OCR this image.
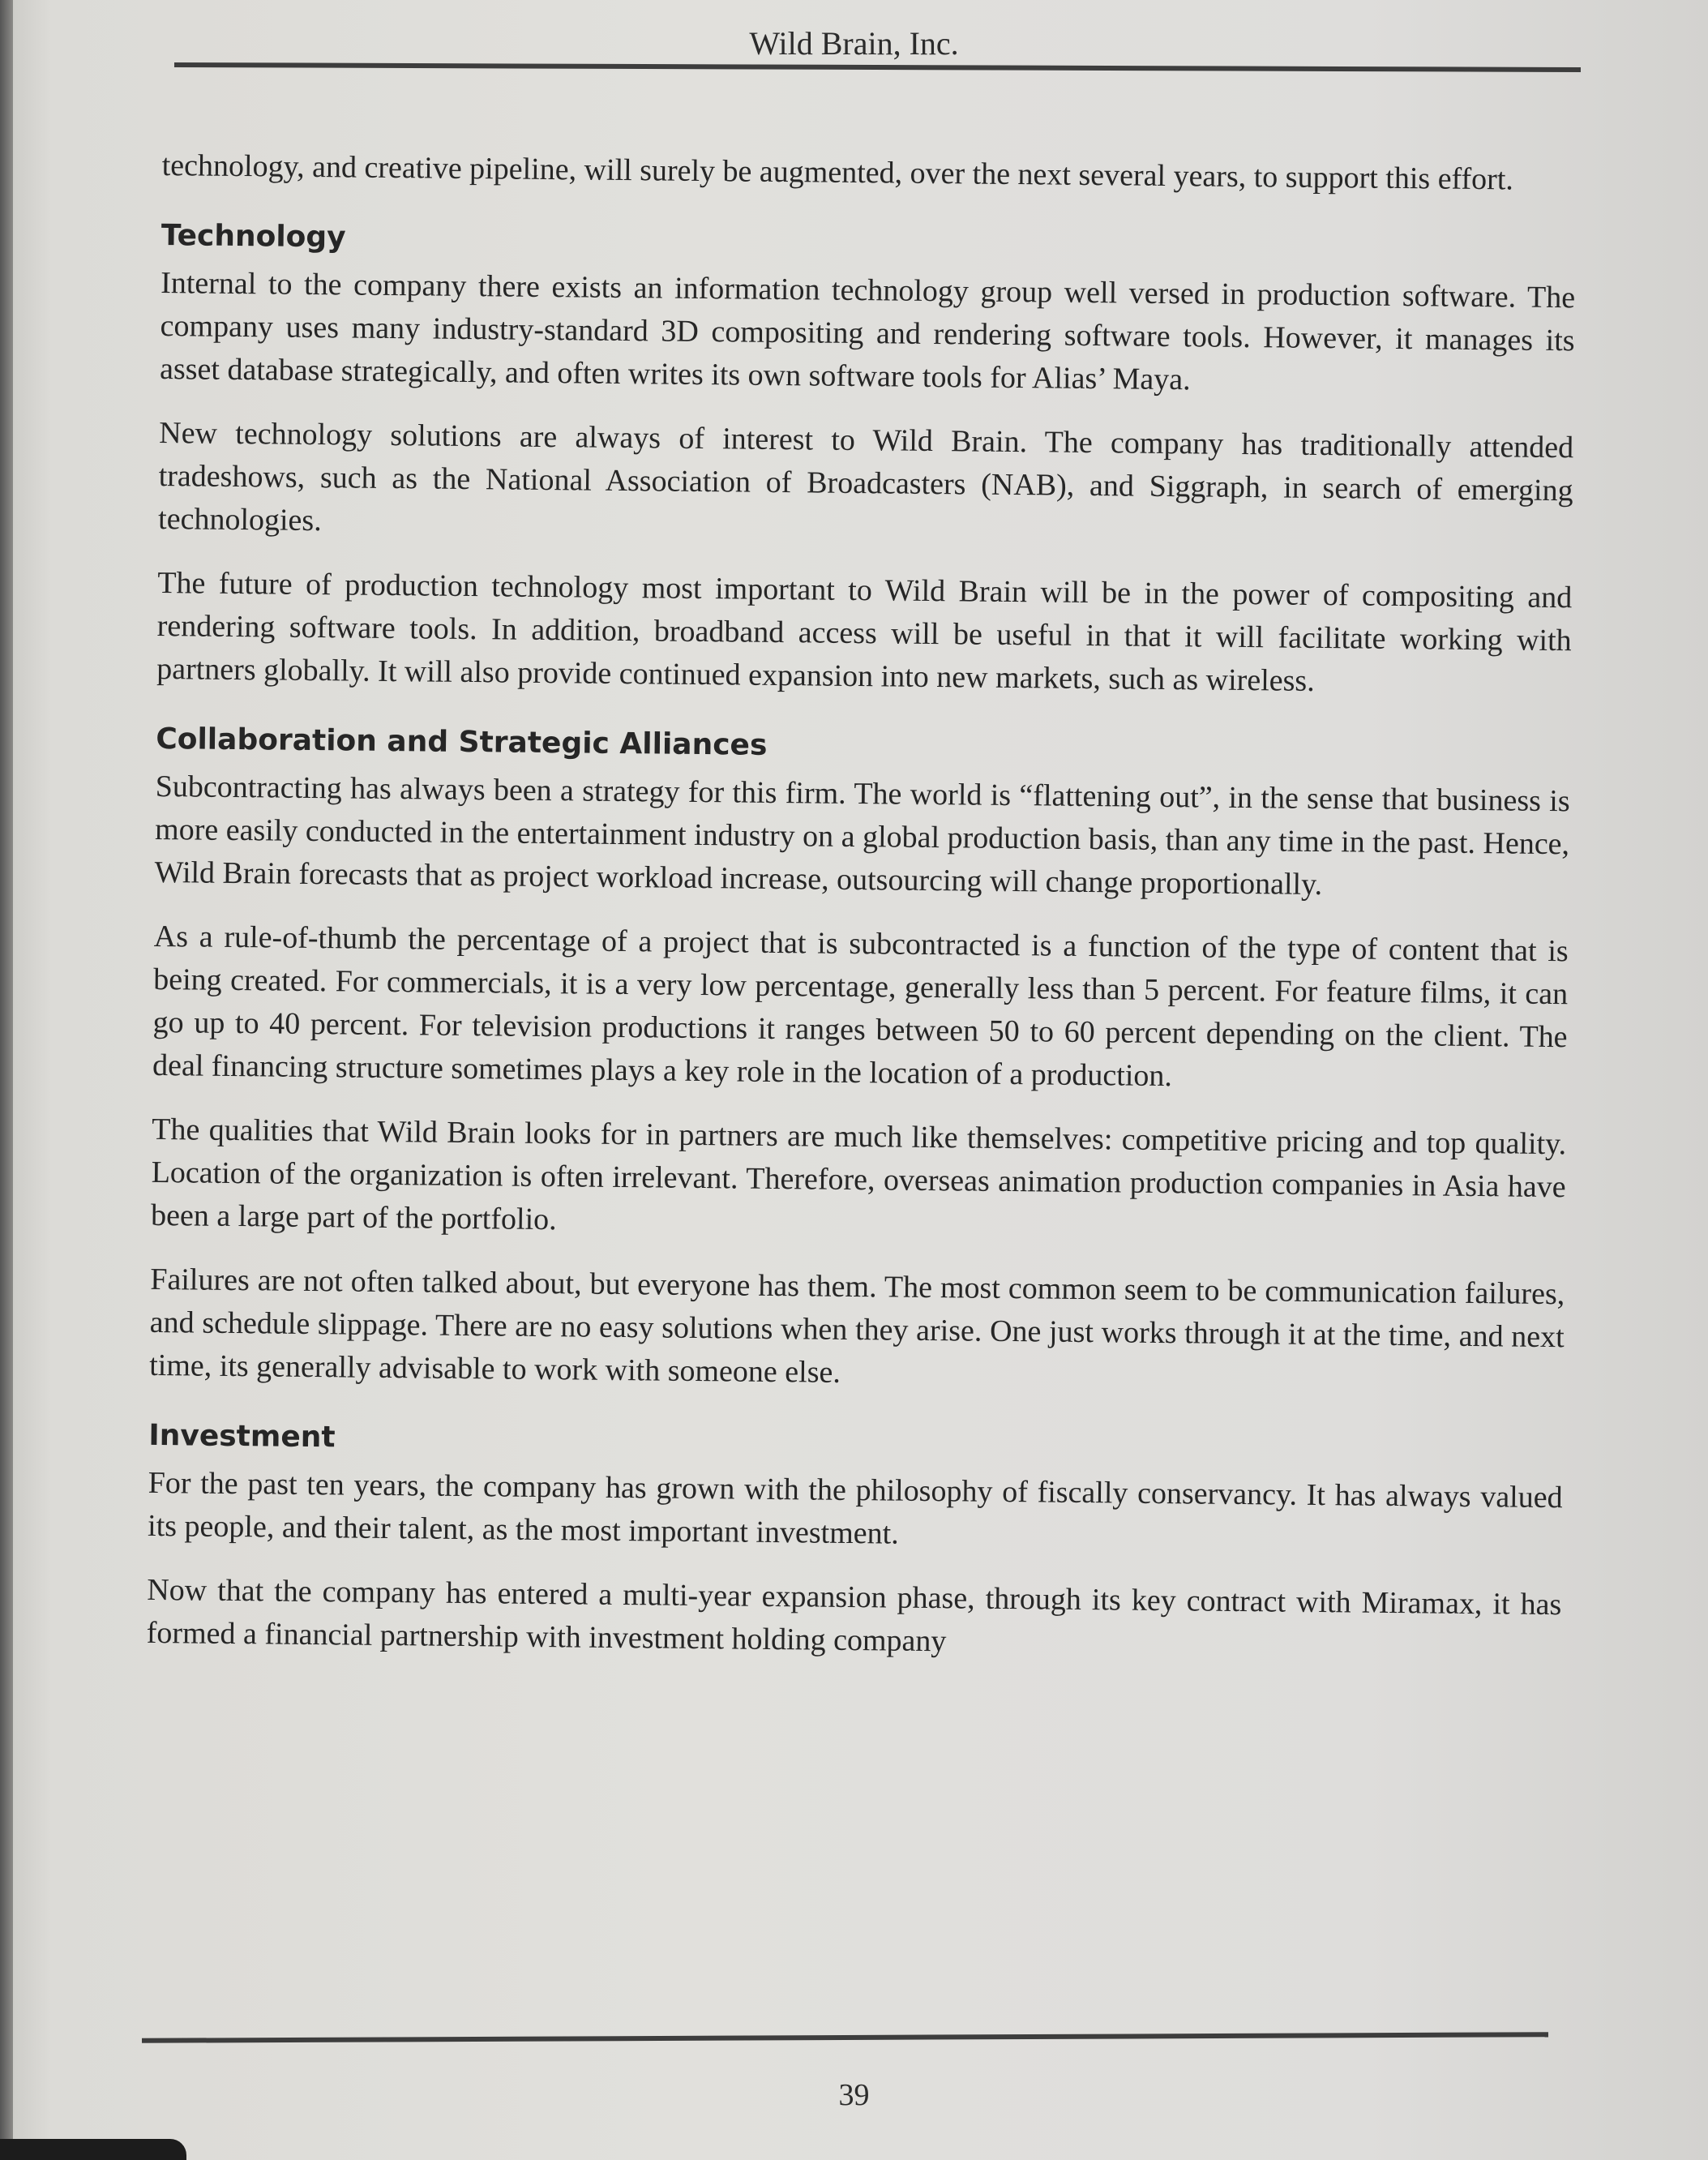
Wild Brain, Inc.

technology, and creative pipeline, will surely be augmented, over the next several years, to support this effort.

Technology

Internal to the company there exists an information technology group well versed in production software. The company uses many industry-standard 3D compositing and rendering software tools. However, it manages its asset database strategically, and often writes its own software tools for Alias’ Maya.

New technology solutions are always of interest to Wild Brain. The company has traditionally attended tradeshows, such as the National Association of Broadcasters (NAB), and Siggraph, in search of emerging technologies.

The future of production technology most important to Wild Brain will be in the power of compositing and rendering software tools. In addition, broadband access will be useful in that it will facilitate working with partners globally. It will also provide continued expansion into new markets, such as wireless.

Collaboration and Strategic Alliances

Subcontracting has always been a strategy for this firm. The world is “flattening out”, in the sense that business is more easily conducted in the entertainment industry on a global production basis, than any time in the past. Hence, Wild Brain forecasts that as project workload increase, outsourcing will change proportionally.

As a rule-of-thumb the percentage of a project that is subcontracted is a function of the type of content that is being created. For commercials, it is a very low percentage, generally less than 5 percent. For feature films, it can go up to 40 percent. For television productions it ranges between 50 to 60 percent depending on the client. The deal financing structure sometimes plays a key role in the location of a production.

The qualities that Wild Brain looks for in partners are much like themselves: competitive pricing and top quality. Location of the organization is often irrelevant. Therefore, overseas animation production companies in Asia have been a large part of the portfolio.

Failures are not often talked about, but everyone has them. The most common seem to be communication failures, and schedule slippage. There are no easy solutions when they arise. One just works through it at the time, and next time, its generally advisable to work with someone else.

Investment

For the past ten years, the company has grown with the philosophy of fiscally conservancy. It has always valued its people, and their talent, as the most important investment.

Now that the company has entered a multi-year expansion phase, through its key contract with Miramax, it has formed a financial partnership with investment holding company

39
